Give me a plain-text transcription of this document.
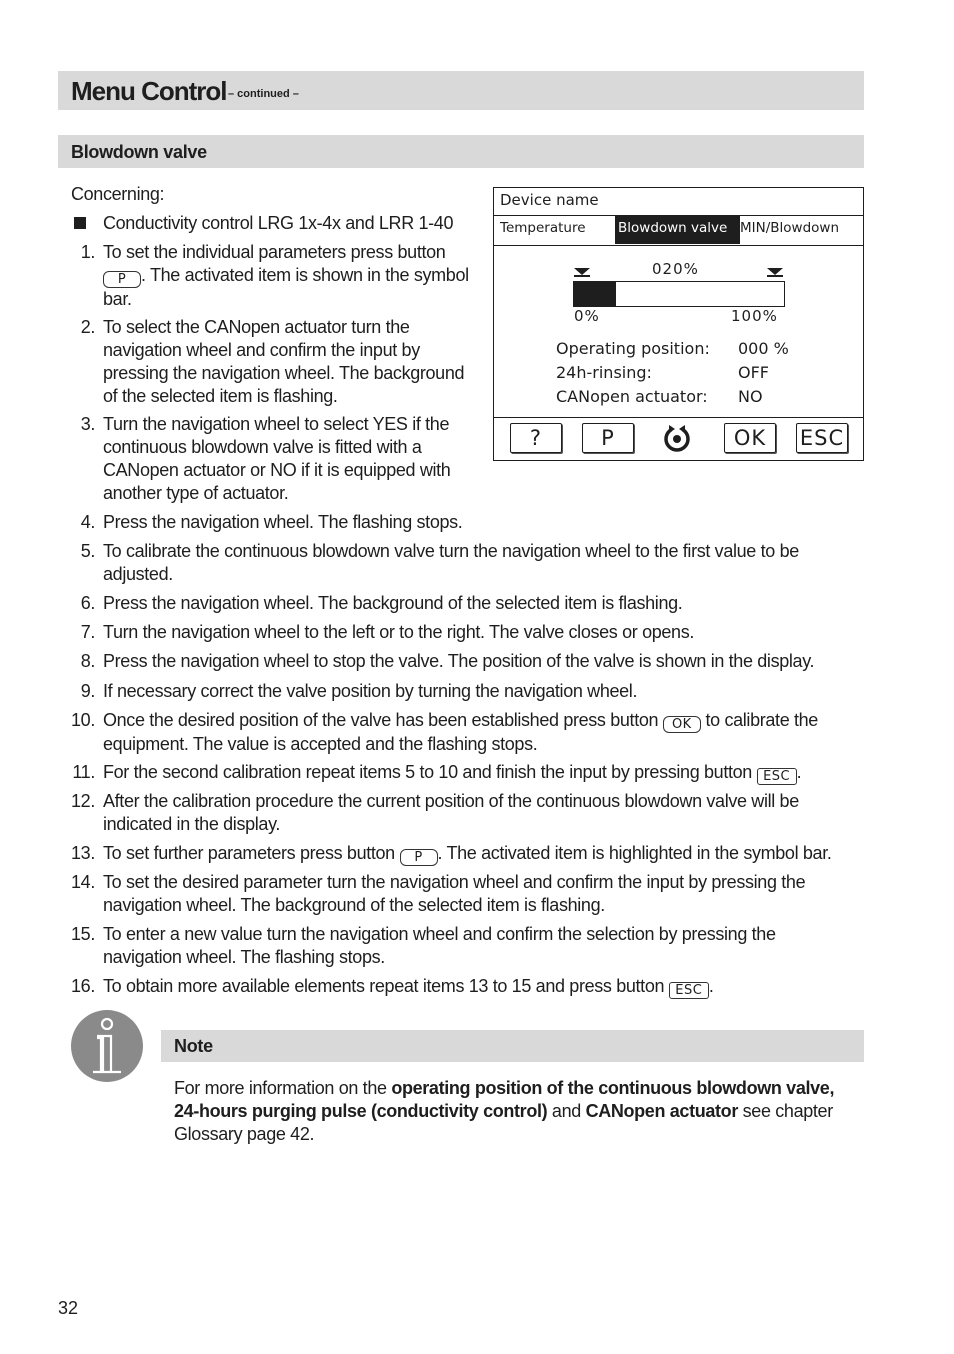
Menu Control – continued –
Blowdown valve
Concerning:
Conductivity control LRG 1x-4x and LRR 1-40
1. To set the individual parameters press button
P . The activated item is shown in the symbol
bar.
2. To select the CANopen actuator turn the
navigation wheel and confirm the input by
pressing the navigation wheel. The background
of the selected item is flashing.
3. Turn the navigation wheel to select YES if the
continuous blowdown valve is fitted with a
CANopen actuator or NO if it is equipped with
another type of actuator.
4. Press the navigation wheel. The flashing stops.
5. To calibrate the continuous blowdown valve turn the navigation wheel to the first value to be
adjusted.
6. Press the navigation wheel. The background of the selected item is flashing.
7. Turn the navigation wheel to the left or to the right. The valve closes or opens.
8. Press the navigation wheel to stop the valve. The position of the valve is shown in the display.
9. If necessary correct the valve position by turning the navigation wheel.
10. Once the desired position of the valve has been established press button OK to calibrate the
equipment. The value is accepted and the flashing stops.
11. For the second calibration repeat items 5 to 10 and finish the input by pressing button ESC .
12. After the calibration procedure the current position of the continuous blowdown valve will be
indicated in the display.
13. To set further parameters press button P . The activated item is highlighted in the symbol bar.
14. To set the desired parameter turn the navigation wheel and confirm the input by pressing the
navigation wheel. The background of the selected item is flashing.
15. To enter a new value turn the navigation wheel and confirm the selection by pressing the
navigation wheel. The flashing stops.
16. To obtain more available elements repeat items 13 to 15 and press button ESC .
Device name
Temperature Blowdown valve MIN/Blowdown
020%
0%	100%
Operating position: 000 %
24h-rinsing:	OFF
CANopen actuator: NO
?	P	OK	ESC
Note
For more information on the operating position of the continuous blowdown valve,
24-hours purging pulse (conductivity control) and CANopen actuator see chapter
Glossary page 42.
32
